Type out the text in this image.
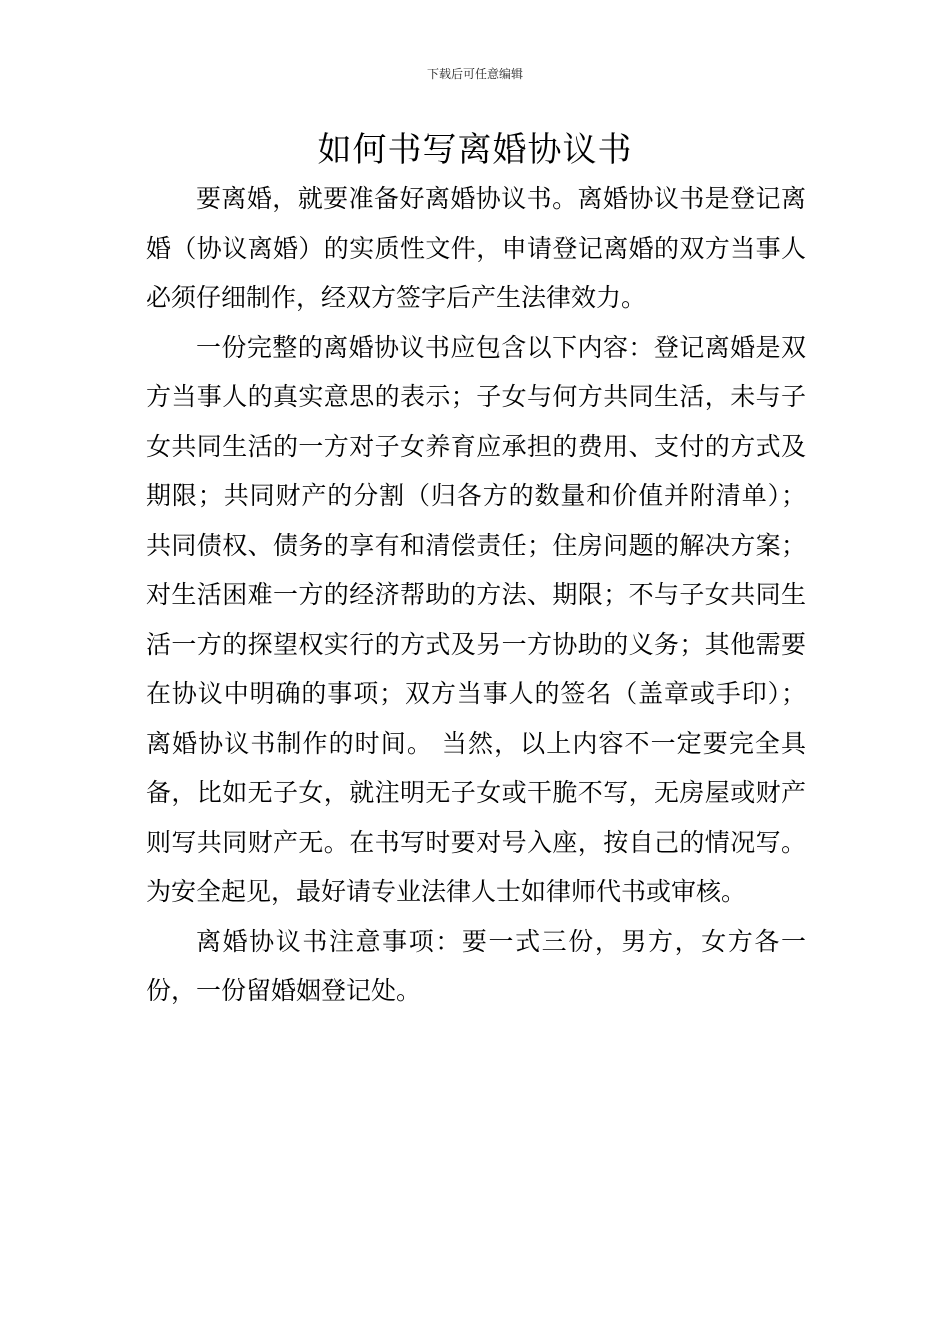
下载后可任意编辑
如何书写离婚协议书

要离婚，就要准备好离婚协议书。离婚协议书是登记离婚（协议离婚）的实质性文件，申请登记离婚的双方当事人必须仔细制作，经双方签字后产生法律效力。

一份完整的离婚协议书应包含以下内容：登记离婚是双方当事人的真实意思的表示；子女与何方共同生活，未与子女共同生活的一方对子女养育应承担的费用、支付的方式及期限；共同财产的分割（归各方的数量和价值并附清单）；共同债权、债务的享有和清偿责任；住房问题的解决方案；对生活困难一方的经济帮助的方法、期限；不与子女共同生活一方的探望权实行的方式及另一方协助的义务；其他需要在协议中明确的事项；双方当事人的签名（盖章或手印）；离婚协议书制作的时间。 当然，以上内容不一定要完全具备，比如无子女，就注明无子女或干脆不写，无房屋或财产则写共同财产无。在书写时要对号入座，按自己的情况写。为安全起见，最好请专业法律人士如律师代书或审核。

离婚协议书注意事项：要一式三份，男方，女方各一份，一份留婚姻登记处。
